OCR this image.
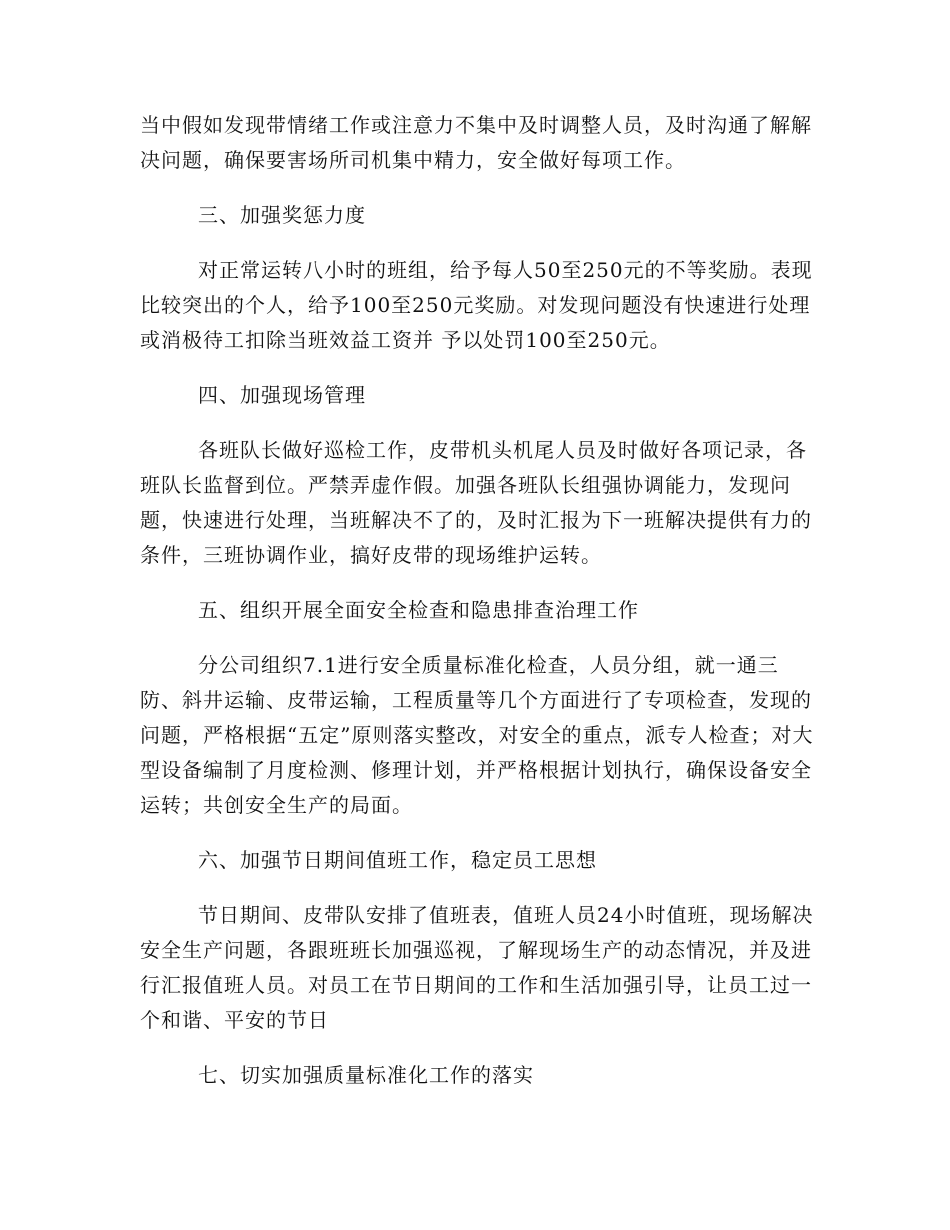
当中假如发现带情绪工作或注意力不集中及时调整人员，及时沟通了解解决问题，确保要害场所司机集中精力，安全做好每项工作。

三、加强奖惩力度

对正常运转八小时的班组，给予每人50至250元的不等奖励。表现比较突出的个人，给予100至250元奖励。对发现问题没有快速进行处理或消极待工扣除当班效益工资并 予以处罚100至250元。

四、加强现场管理

各班队长做好巡检工作，皮带机头机尾人员及时做好各项记录，各班队长监督到位。严禁弄虚作假。加强各班队长组强协调能力，发现问题，快速进行处理，当班解决不了的，及时汇报为下一班解决提供有力的条件，三班协调作业，搞好皮带的现场维护运转。

五、组织开展全面安全检查和隐患排查治理工作

分公司组织7.1进行安全质量标准化检查，人员分组，就一通三防、斜井运输、皮带运输，工程质量等几个方面进行了专项检查，发现的问题，严格根据“五定”原则落实整改，对安全的重点，派专人检查；对大型设备编制了月度检测、修理计划，并严格根据计划执行，确保设备安全运转；共创安全生产的局面。

六、加强节日期间值班工作，稳定员工思想

节日期间、皮带队安排了值班表，值班人员24小时值班，现场解决安全生产问题，各跟班班长加强巡视，了解现场生产的动态情况，并及进行汇报值班人员。对员工在节日期间的工作和生活加强引导，让员工过一个和谐、平安的节日

七、切实加强质量标准化工作的落实
